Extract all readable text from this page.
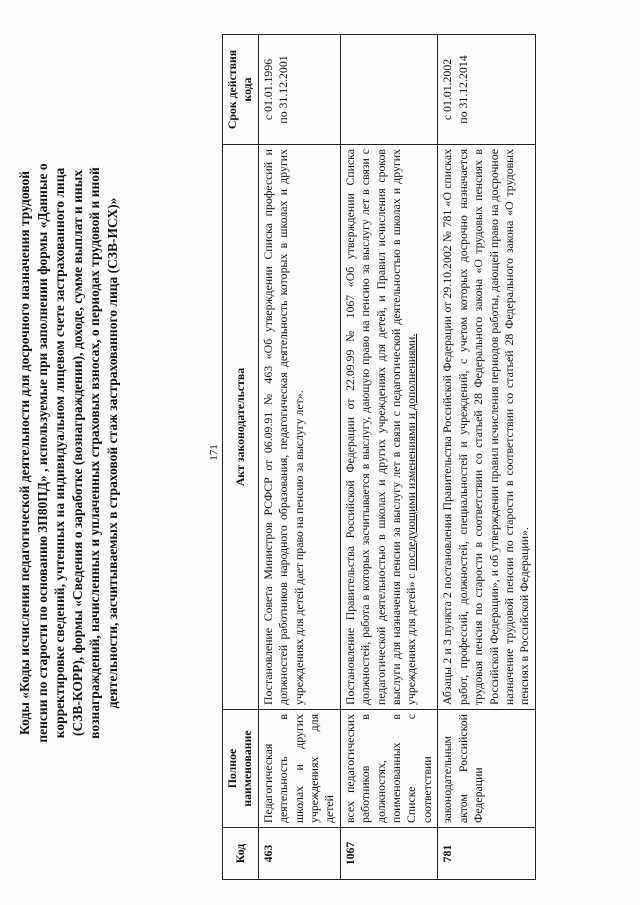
171
Коды «Коды исчисления педагогической деятельности для досрочного назначения трудовой пенсии по старости по основанию 3П80ПД» , используемые при заполнении формы «Данные о корректировке сведений, учтенных на индивидуальном лицевом счете застрахованного лица (СЗВ-КОРР), формы «Сведения о заработке (вознаграждении), доходе, сумме выплат и иных вознаграждений, начисленных и уплаченных страховых взносах, о периодах трудовой и иной деятельности, засчитываемых в страховой стаж застрахованного лица (СЗВ-ИСХ)»
Код	Полное наименование	Акт законодательства	Срок действия кода
463	Педагогическая деятельность в школах и других учреждениях для детей	Постановление Совета Министров РСФСР от 06.09.91 № 463 «Об утверждении Списка профессий и должностей работников народного образования, педагогическая деятельность которых в школах и других учреждениях для детей дает право на пенсию за выслугу лет».	с 01.01.1996 по 31.12.2001

1067	всех педагогических работников в должностях, поименованных в Списке с соответствии	Постановление Правительства Российской Федерации от 22.09.99 № 1067 «Об утверждении Списка должностей, работа в которых засчитывается в выслугу, дающую право на пенсию за выслугу лет в связи с педагогической деятельностью в школах и других учреждениях для детей, и Правил исчисления сроков выслуги для назначения пенсии за выслугу лет в связи с педагогической деятельностью в школах и других учреждениях для детей» с последующими изменениями и дополнениями.	

781	законодательным актом Российской Федерации	Абзацы 2 и 3 пункта 2 постановления Правительства Российской Федерации от 29.10.2002 № 781 «О списках работ, профессий, должностей, специальностей и учреждений, с учетом которых досрочно назначается трудовая пенсия по старости в соответствии со статьей 28 Федерального закона «О трудовых пенсиях в Российской Федерации», и об утверждении правил исчисления периодов работы, дающей право на досрочное назначение трудовой пенсии по старости в соответствии со статьей 28 Федерального закона «О трудовых пенсиях в Российской Федерации».	с 01.01.2002 по 31.12.2014
